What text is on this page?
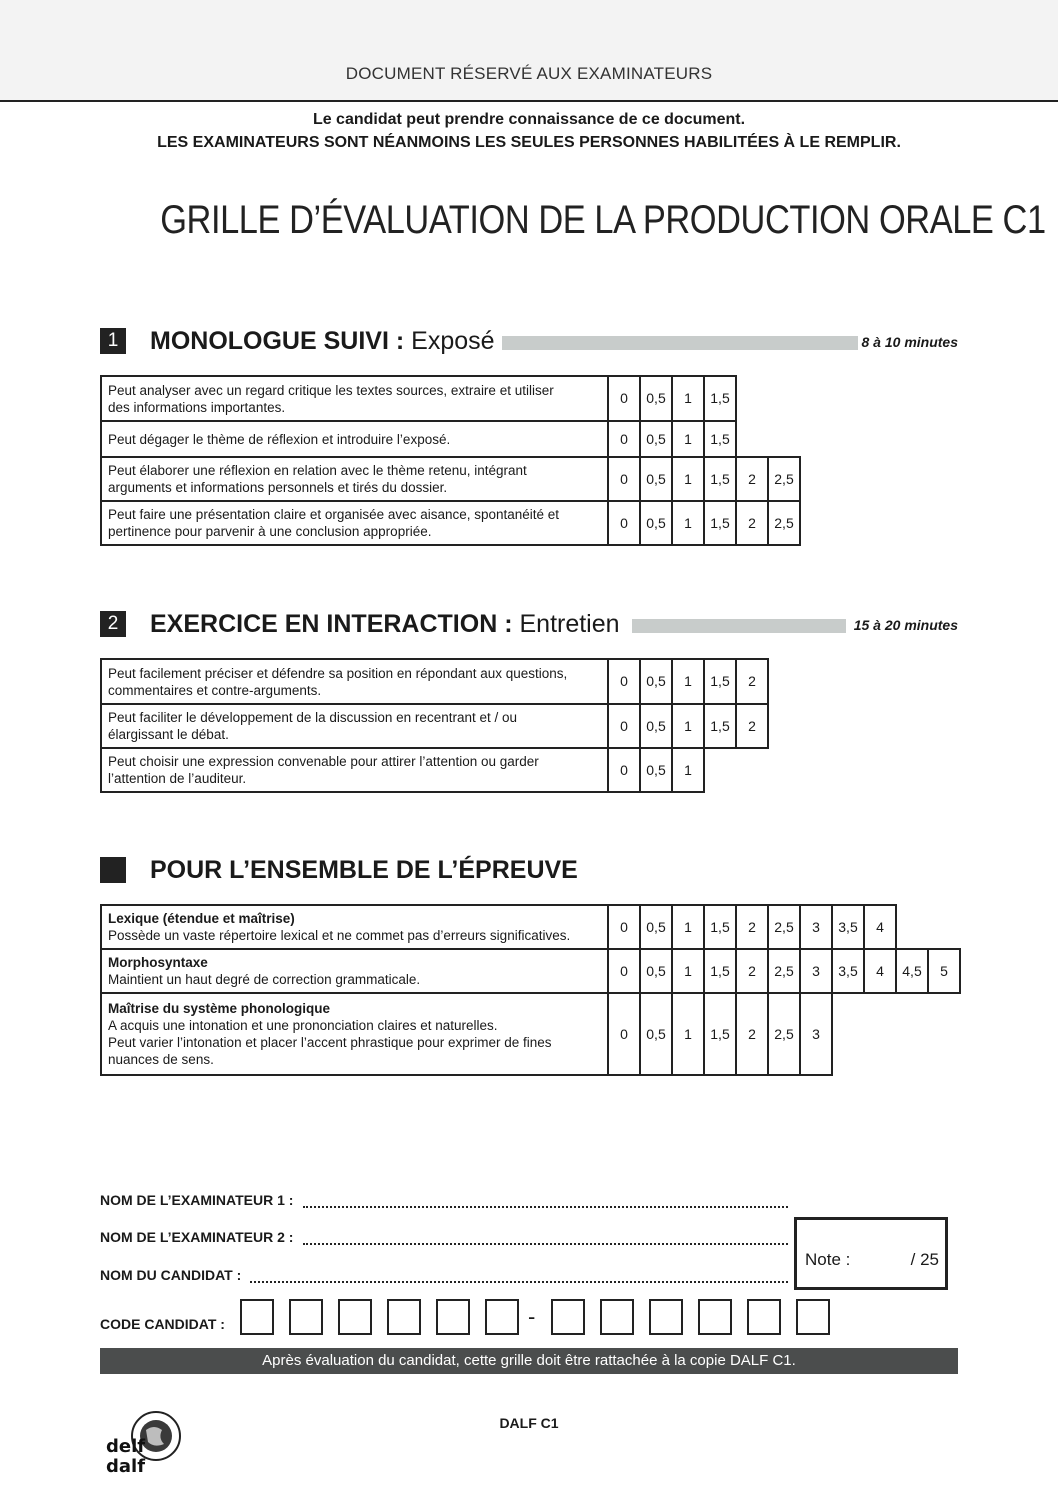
DOCUMENT RÉSERVÉ AUX EXAMINATEURS
Le candidat peut prendre connaissance de ce document.
LES EXAMINATEURS SONT NÉANMOINS LES SEULES PERSONNES HABILITÉES À LE REMPLIR.
GRILLE D’ÉVALUATION DE LA PRODUCTION ORALE C1
1	MONOLOGUE SUIVI : Exposé	8 à 10 minutes
Peut analyser avec un regard critique les textes sources, extraire et utiliser
des informations importantes.	0	0,5	1	1,5		

Peut dégager le thème de réflexion et introduire l’exposé.	0	0,5	1	1,5		

Peut élaborer une réflexion en relation avec le thème retenu, intégrant
arguments et informations personnels et tirés du dossier.	0	0,5	1	1,5	2	2,5

Peut faire une présentation claire et organisée avec aisance, spontanéité et
pertinence pour parvenir à une conclusion appropriée.	0	0,5	1	1,5	2	2,5
2	EXERCICE EN INTERACTION : Entretien	15 à 20 minutes
Peut facilement préciser et défendre sa position en répondant aux questions,
commentaires et contre-arguments.	0	0,5	1	1,5	2

Peut faciliter le développement de la discussion en recentrant et / ou
élargissant le débat.	0	0,5	1	1,5	2

Peut choisir une expression convenable pour attirer l’attention ou garder
l’attention de l’auditeur.	0	0,5	1		
POUR L’ENSEMBLE DE L’ÉPREUVE
Lexique (étendue et maîtrise)
Possède un vaste répertoire lexical et ne commet pas d’erreurs significatives.	0	0,5	1	1,5	2	2,5	3	3,5	4		

Morphosyntaxe
Maintient un haut degré de correction grammaticale.	0	0,5	1	1,5	2	2,5	3	3,5	4	4,5	5

Maîtrise du système phonologique
A acquis une intonation et une prononciation claires et naturelles.
Peut varier l’intonation et placer l’accent phrastique pour exprimer de fines
nuances de sens.	0	0,5	1	1,5	2	2,5	3				
NOM DE L’EXAMINATEUR 1 :
NOM DE L’EXAMINATEUR 2 :
NOM DU CANDIDAT :
Note :	/ 25
CODE CANDIDAT :	-
Après évaluation du candidat, cette grille doit être rattachée à la copie DALF C1.
delf
dalf
DALF C1
